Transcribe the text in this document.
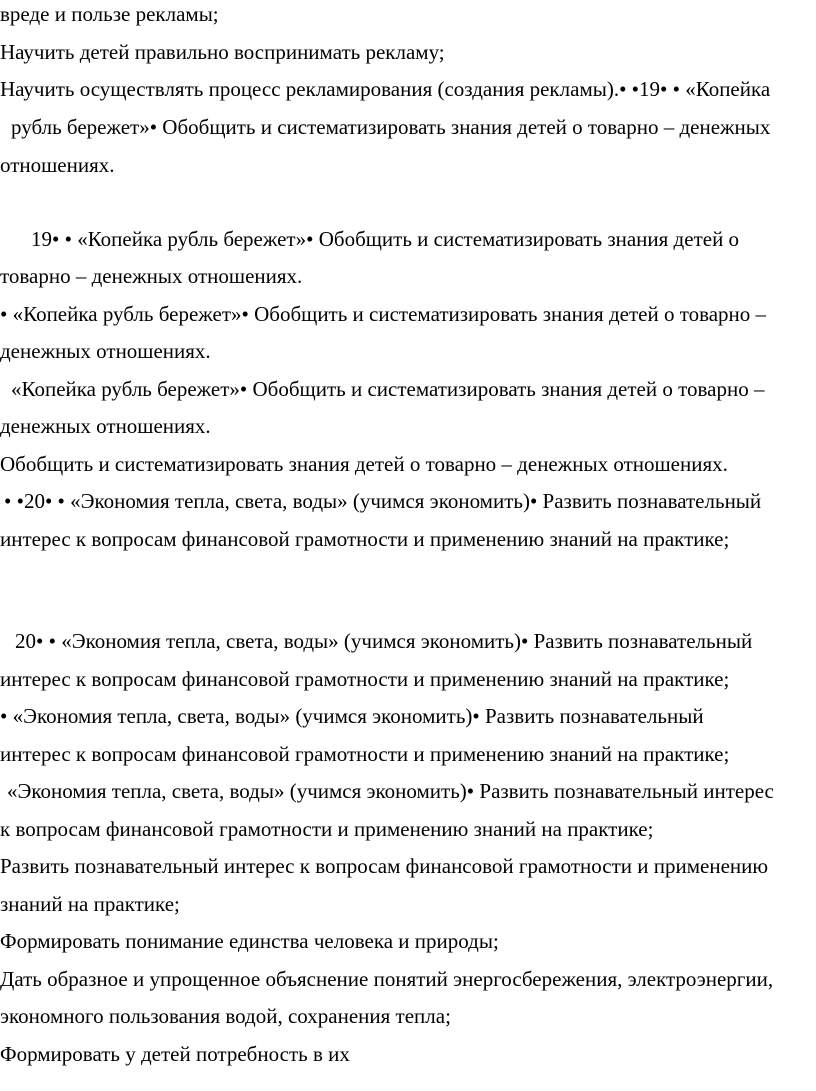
вреде и пользе рекламы;

Научить детей правильно воспринимать рекламу;

Научить осуществлять процесс рекламирования (создания рекламы).• •19• • «Копейка

рубль бережет»• Обобщить и систематизировать знания детей о товарно – денежных

отношениях.

19• • «Копейка рубль бережет»• Обобщить и систематизировать знания детей о

товарно – денежных отношениях.

• «Копейка рубль бережет»• Обобщить и систематизировать знания детей о товарно –

денежных отношениях.

«Копейка рубль бережет»• Обобщить и систематизировать знания детей о товарно –

денежных отношениях.

Обобщить и систематизировать знания детей о товарно – денежных отношениях.

• •20• • «Экономия тепла, света, воды» (учимся экономить)• Развить познавательный

интерес к вопросам финансовой грамотности и применению знаний на практике;

20• • «Экономия тепла, света, воды» (учимся экономить)• Развить познавательный

интерес к вопросам финансовой грамотности и применению знаний на практике;

• «Экономия тепла, света, воды» (учимся экономить)• Развить познавательный

интерес к вопросам финансовой грамотности и применению знаний на практике;

«Экономия тепла, света, воды» (учимся экономить)• Развить познавательный интерес

к вопросам финансовой грамотности и применению знаний на практике;

Развить познавательный интерес к вопросам финансовой грамотности и применению

знаний на практике;

Формировать понимание единства человека и природы;

Дать образное и упрощенное объяснение понятий энергосбережения, электроэнергии,

экономного пользования водой, сохранения тепла;

Формировать у детей потребность в их
